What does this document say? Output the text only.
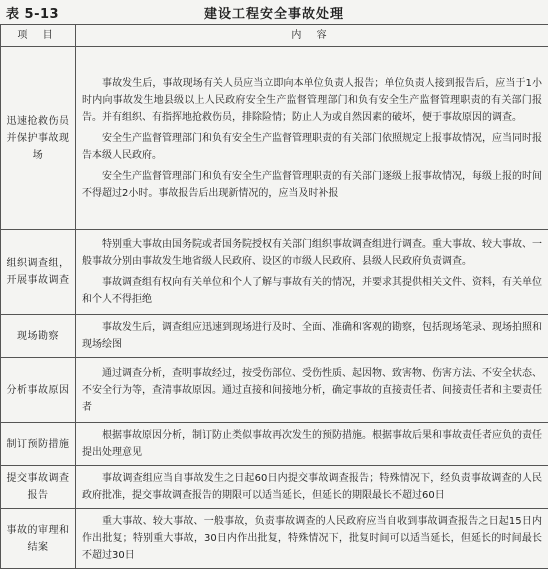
表 5-13	建设工程安全事故处理
项 目	内 容
迅速抢救伤员并保护事故现场	事故发生后，事故现场有关人员应当立即向本单位负责人报告；单位负责人接到报告后，应当于1小时内向事故发生地县级以上人民政府安全生产监督管理部门和负有安全生产监督管理职责的有关部门报告。并有组织、有指挥地抢救伤员，排除险情；防止人为或自然因素的破坏，便于事故原因的调查。

安全生产监督管理部门和负有安全生产监督管理职责的有关部门依照规定上报事故情况，应当同时报告本级人民政府。

安全生产监督管理部门和负有安全生产监督管理职责的有关部门逐级上报事故情况，每级上报的时间不得超过2小时。事故报告后出现新情况的，应当及时补报

组织调查组，开展事故调查	特别重大事故由国务院或者国务院授权有关部门组织事故调查组进行调查。重大事故、较大事故、一般事故分别由事故发生地省级人民政府、设区的市级人民政府、县级人民政府负责调查。

事故调查组有权向有关单位和个人了解与事故有关的情况，并要求其提供相关文件、资料，有关单位和个人不得拒绝

现场勘察	事故发生后，调查组应迅速到现场进行及时、全面、准确和客观的勘察，包括现场笔录、现场拍照和现场绘图

分析事故原因	通过调查分析，查明事故经过，按受伤部位、受伤性质、起因物、致害物、伤害方法、不安全状态、不安全行为等，查清事故原因。通过直接和间接地分析，确定事故的直接责任者、间接责任者和主要责任者

制订预防措施	根据事故原因分析，制订防止类似事故再次发生的预防措施。根据事故后果和事故责任者应负的责任提出处理意见

提交事故调查报告	事故调查组应当自事故发生之日起60日内提交事故调查报告；特殊情况下，经负责事故调查的人民政府批准，提交事故调查报告的期限可以适当延长，但延长的期限最长不超过60日

事故的审理和结案	重大事故、较大事故、一般事故，负责事故调查的人民政府应当自收到事故调查报告之日起15日内作出批复；特别重大事故，30日内作出批复，特殊情况下，批复时间可以适当延长，但延长的时间最长不超过30日
